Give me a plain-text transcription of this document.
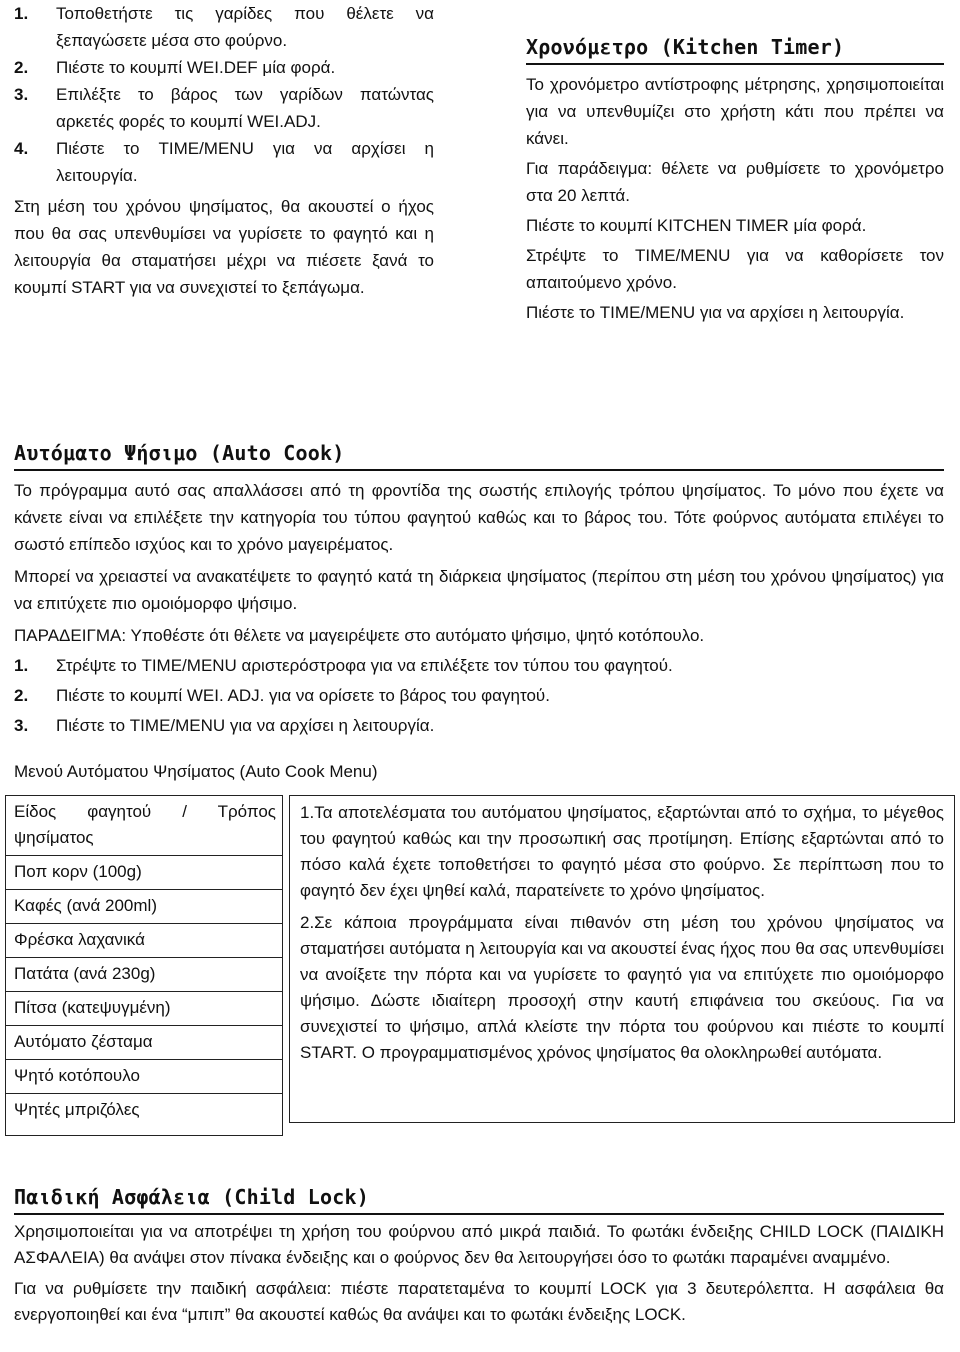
1.	Τοποθετήστε τις γαρίδες που θέλετε να ξεπαγώσετε μέσα στο φούρνο.
2.	Πιέστε το κουμπί WEI.DEF μία φορά.
3.	Επιλέξτε το βάρος των γαρίδων πατώντας αρκετές φορές το κουμπί WEI.ADJ.
4.	Πιέστε το TIME/MENU για να αρχίσει η λειτουργία.

Στη μέση του χρόνου ψησίματος, θα ακουστεί ο ήχος που θα σας υπενθυμίσει να γυρίσετε το φαγητό και η λειτουργία θα σταματήσει μέχρι να πιέσετε ξανά το κουμπί START για να συνεχιστεί το ξεπάγωμα.

Χρονόμετρο (Kitchen Timer)

Το χρονόμετρο αντίστροφης μέτρησης, χρησιμοποιείται για να υπενθυμίζει στο χρήστη κάτι που πρέπει να κάνει.

Για παράδειγμα: θέλετε να ρυθμίσετε το χρονόμετρο στα 20 λεπτά.

Πιέστε το κουμπί KITCHEN TIMER μία φορά.

Στρέψτε το TIME/MENU για να καθορίσετε τον απαιτούμενο χρόνο.

Πιέστε το TIME/MENU για να αρχίσει η λειτουργία.

Αυτόματο Ψήσιμο (Auto Cook)

Το πρόγραμμα αυτό σας απαλλάσσει από τη φροντίδα της σωστής επιλογής τρόπου ψησίματος. Το μόνο που έχετε να κάνετε είναι να επιλέξετε την κατηγορία του τύπου φαγητού καθώς και το βάρος του. Τότε φούρνος αυτόματα επιλέγει το σωστό επίπεδο ισχύος και το χρόνο μαγειρέματος.

Μπορεί να χρειαστεί να ανακατέψετε το φαγητό κατά τη διάρκεια ψησίματος (περίπου στη μέση του χρόνου ψησίματος) για να επιτύχετε πιο ομοιόμορφο ψήσιμο.

ΠΑΡΑΔΕΙΓΜΑ: Υποθέστε ότι θέλετε να μαγειρέψετε στο αυτόματο ψήσιμο, ψητό κοτόπουλο.

1.	Στρέψτε το TIME/MENU αριστερόστροφα για να επιλέξετε τον τύπου του φαγητού.
2.	Πιέστε το κουμπί WEI. ADJ. για να ορίσετε το βάρος του φαγητού.
3.	Πιέστε το TIME/MENU για να αρχίσει η λειτουργία.
Μενού Αυτόματου Ψησίματος (Auto Cook Menu)
Είδος φαγητού / Τρόπος ψησίματος
Ποπ κορν (100g)
Καφές (ανά 200ml)
Φρέσκα λαχανικά
Πατάτα (ανά 230g)
Πίτσα (κατεψυγμένη)
Αυτόματο ζέσταμα
Ψητό κοτόπουλο
Ψητές μπριζόλες

1.Τα αποτελέσματα του αυτόματου ψησίματος, εξαρτώνται από το σχήμα, το μέγεθος του φαγητού καθώς και την προσωπική σας προτίμηση. Επίσης εξαρτώνται από το πόσο καλά έχετε τοποθετήσει το φαγητό μέσα στο φούρνο. Σε περίπτωση που το φαγητό δεν έχει ψηθεί καλά, παρατείνετε το χρόνο ψησίματος.

2.Σε κάποια προγράμματα είναι πιθανόν στη μέση του χρόνου ψησίματος να σταματήσει αυτόματα η λειτουργία και να ακουστεί ένας ήχος που θα σας υπενθυμίσει να ανοίξετε την πόρτα και να γυρίσετε το φαγητό για να επιτύχετε πιο ομοιόμορφο ψήσιμο. Δώστε ιδιαίτερη προσοχή στην καυτή επιφάνεια του σκεύους. Για να συνεχιστεί το ψήσιμο, απλά κλείστε την πόρτα του φούρνου και πιέστε το κουμπί START. Ο προγραμματισμένος χρόνος ψησίματος θα ολοκληρωθεί αυτόματα.

Παιδική Ασφάλεια (Child Lock)

Χρησιμοποιείται για να αποτρέψει τη χρήση του φούρνου από μικρά παιδιά. Το φωτάκι ένδειξης CHILD LOCK (ΠΑΙΔΙΚΗ ΑΣΦΑΛΕΙΑ) θα ανάψει στον πίνακα ένδειξης και ο φούρνος δεν θα λειτουργήσει όσο το φωτάκι παραμένει αναμμένο.

Για να ρυθμίσετε την παιδική ασφάλεια: πιέστε παρατεταμένα το κουμπί LOCK για 3 δευτερόλεπτα. Η ασφάλεια θα ενεργοποιηθεί και ένα “μπιπ” θα ακουστεί καθώς θα ανάψει και το φωτάκι ένδειξης LOCK.
